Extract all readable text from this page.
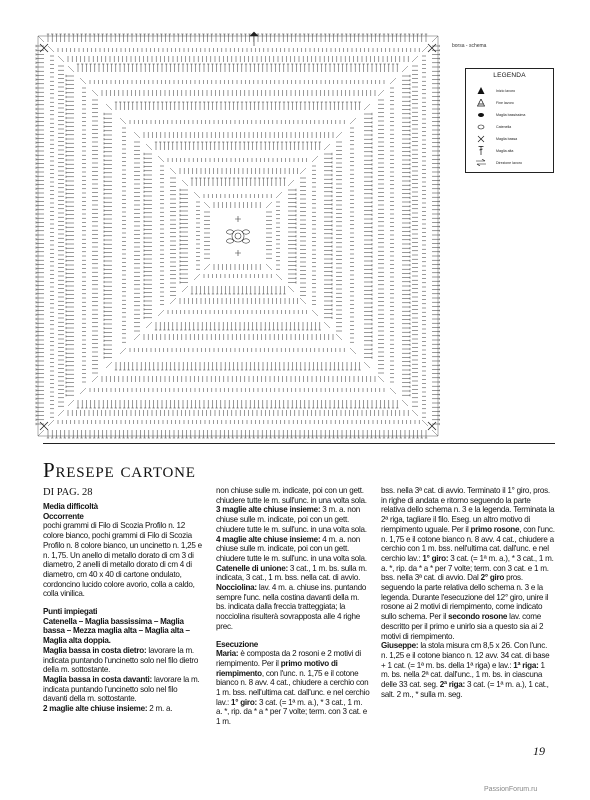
borsa - schema
LEGENDA
Inizio lavoro
Fine lavoro
Maglia bassissima
Catenella
Maglia bassa
Maglia alta
Direzione lavoro
Presepe cartone
DI PAG. 28

Media difficoltà

Occorrente

pochi grammi di Filo di Scozia Profilo n. 12 colore bianco, pochi grammi di Filo di Scozia Profilo n. 8 colore bianco, un uncinetto n. 1,25 e n. 1,75. Un anello di metallo dorato di cm 3 di diametro, 2 anelli di metallo dorato di cm 4 di diametro, cm 40 x 40 di cartone ondulato, cordoncino lucido colore avorio, colla a caldo, colla vinilica.

Punti impiegati

Catenella – Maglia bassissima – Maglia bassa – Mezza maglia alta – Maglia alta – Maglia alta doppia.

Maglia bassa in costa dietro: lavorare la m. indicata puntando l'uncinetto solo nel filo dietro della m. sottostante.

Maglia bassa in costa davanti: lavorare la m. indicata puntando l'uncinetto solo nel filo davanti della m. sottostante.

2 maglie alte chiuse insieme: 2 m. a.

non chiuse sulle m. indicate, poi con un gett. chiudere tutte le m. sull'unc. in una volta sola.

3 maglie alte chiuse insieme: 3 m. a. non chiuse sulle m. indicate, poi con un gett. chiudere tutte le m. sull'unc. in una volta sola.

4 maglie alte chiuse insieme: 4 m. a. non chiuse sulle m. indicate, poi con un gett. chiudere tutte le m. sull'unc. in una volta sola.

Catenelle di unione: 3 cat., 1 m. bs. sulla m. indicata, 3 cat., 1 m. bss. nella cat. di avvio.

Nocciolina: lav. 4 m. a. chiuse ins. puntando sempre l'unc. nella costina davanti della m. bs. indicata dalla freccia tratteggiata; la nocciolina risulterà sovrapposta alle 4 righe prec.

Esecuzione

Maria: è composta da 2 rosoni e 2 motivi di riempimento. Per il primo motivo di riempimento, con l'unc. n. 1,75 e il cotone bianco n. 8 avv. 4 cat., chiudere a cerchio con 1 m. bss. nell'ultima cat. dall'unc. e nel cerchio lav.: 1° giro: 3 cat. (= 1ª m. a.), * 3 cat., 1 m. a. *, rip. da * a * per 7 volte; term. con 3 cat. e 1 m.

bss. nella 3ª cat. di avvio. Terminato il 1° giro, pros. in righe di andata e ritorno seguendo la parte relativa dello schema n. 3 e la legenda. Terminata la 2ª riga, tagliare il filo. Eseg. un altro motivo di riempimento uguale. Per il primo rosone, con l'unc. n. 1,75 e il cotone bianco n. 8 avv. 4 cat., chiudere a cerchio con 1 m. bss. nell'ultima cat. dall'unc. e nel cerchio lav.: 1° giro: 3 cat. (= 1ª m. a.), * 3 cat., 1 m. a. *, rip. da * a * per 7 volte; term. con 3 cat. e 1 m. bss. nella 3ª cat. di avvio. Dal 2° giro pros. seguendo la parte relativa dello schema n. 3 e la legenda. Durante l'esecuzione del 12° giro, unire il rosone ai 2 motivi di riempimento, come indicato sullo schema. Per il secondo rosone lav. come descritto per il primo e unirlo sia a questo sia ai 2 motivi di riempimento.

Giuseppe: la stola misura cm 8,5 x 26. Con l'unc. n. 1,25 e il cotone bianco n. 12 avv. 34 cat. di base + 1 cat. (= 1ª m. bs. della 1ª riga) e lav.: 1ª riga: 1 m. bs. nella 2ª cat. dall'unc., 1 m. bs. in ciascuna delle 33 cat. seg. 2ª riga: 3 cat. (= 1ª m. a.), 1 cat., salt. 2 m., * sulla m. seg.

19
PassionForum.ru
